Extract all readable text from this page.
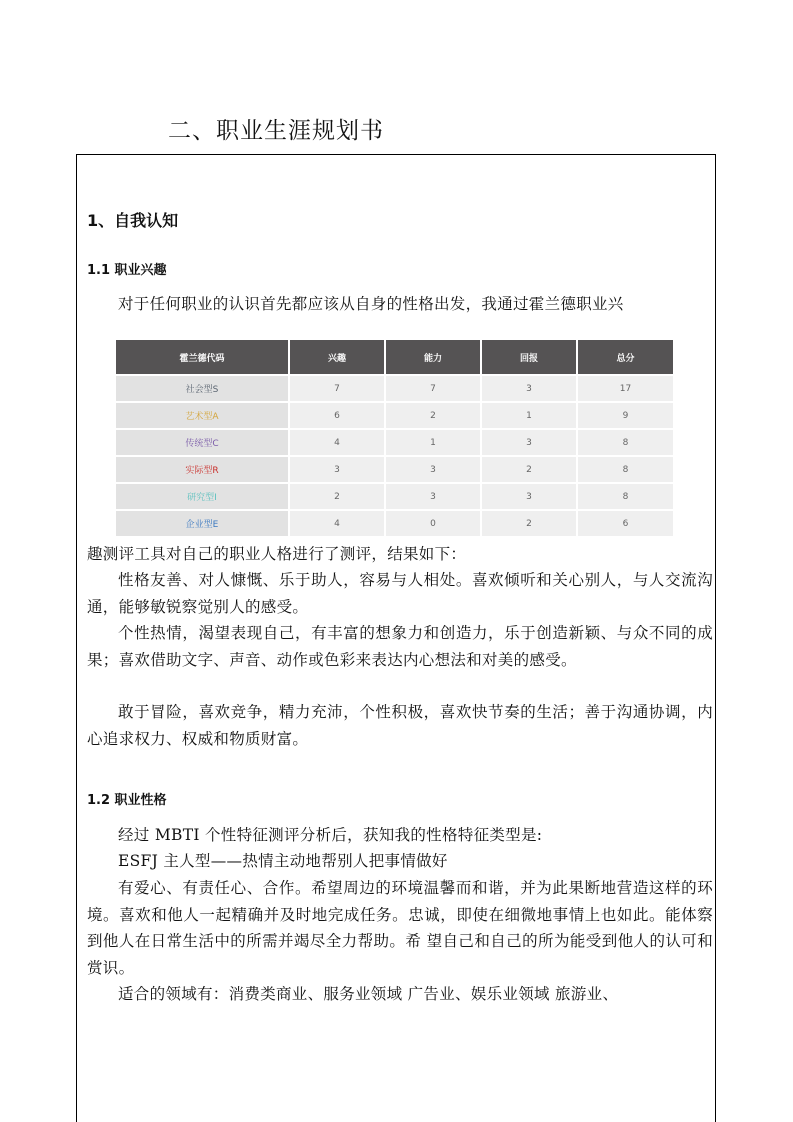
二、职业生涯规划书
1、自我认知
1.1 职业兴趣

对于任何职业的认识首先都应该从自身的性格出发，我通过霍兰德职业兴

霍兰德代码	兴趣	能力	回报	总分
社会型S	7	7	3	17
艺术型A	6	2	1	9
传统型C	4	1	3	8
实际型R	3	3	2	8
研究型I	2	3	3	8
企业型E	4	0	2	6

趣测评工具对自己的职业人格进行了测评，结果如下：

性格友善、对人慷慨、乐于助人，容易与人相处。喜欢倾听和关心别人，与人交流沟通，能够敏锐察觉别人的感受。

个性热情，渴望表现自己，有丰富的想象力和创造力，乐于创造新颖、与众不同的成果；喜欢借助文字、声音、动作或色彩来表达内心想法和对美的感受。

敢于冒险，喜欢竞争，精力充沛，个性积极，喜欢快节奏的生活；善于沟通协调，内心追求权力、权威和物质财富。

1.2 职业性格

经过 MBTI 个性特征测评分析后，获知我的性格特征类型是:

ESFJ 主人型——热情主动地帮别人把事情做好

有爱心、有责任心、合作。希望周边的环境温馨而和谐，并为此果断地营造这样的环境。喜欢和他人一起精确并及时地完成任务。忠诚，即使在细微地事情上也如此。能体察到他人在日常生活中的所需并竭尽全力帮助。希 望自己和自己的所为能受到他人的认可和赏识。

适合的领域有：消费类商业、服务业领域 广告业、娱乐业领域 旅游业、
